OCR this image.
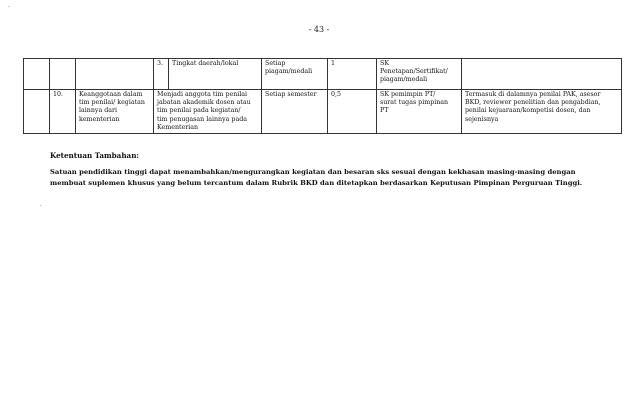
- 43 -
·
·
			3.	Tingkat daerah/lokal	Setiap
piagam/medali	1	SK
Penetapan/Sertifikat/
piagam/medali	

	10.	Keanggotaan dalam
tim penilai/ kegiatan
lainnya dari
kementerian	Menjadi anggota tim penilai
jabatan akademik dosen atau
tim penilai pada kegiatan/
tim penugasan lainnya pada
Kementerian		Setiap semester	0,5	SK pemimpin PT/
surat tugas pimpinan
PT	Termasuk di dalamnya penilai PAK, asesor
BKD, reviewer penelitian dan pengabdian,
penilai kejuaraan/kompetisi dosen, dan
sejenisnya

Ketentuan Tambahan:

Satuan pendidikan tinggi dapat menambahkan/mengurangkan kegiatan dan besaran sks sesuai dengan kekhasan masing-masing dengan
membuat suplemen khusus yang belum tercantum dalam Rubrik BKD dan ditetapkan berdasarkan Keputusan Pimpinan Perguruan Tinggi.
